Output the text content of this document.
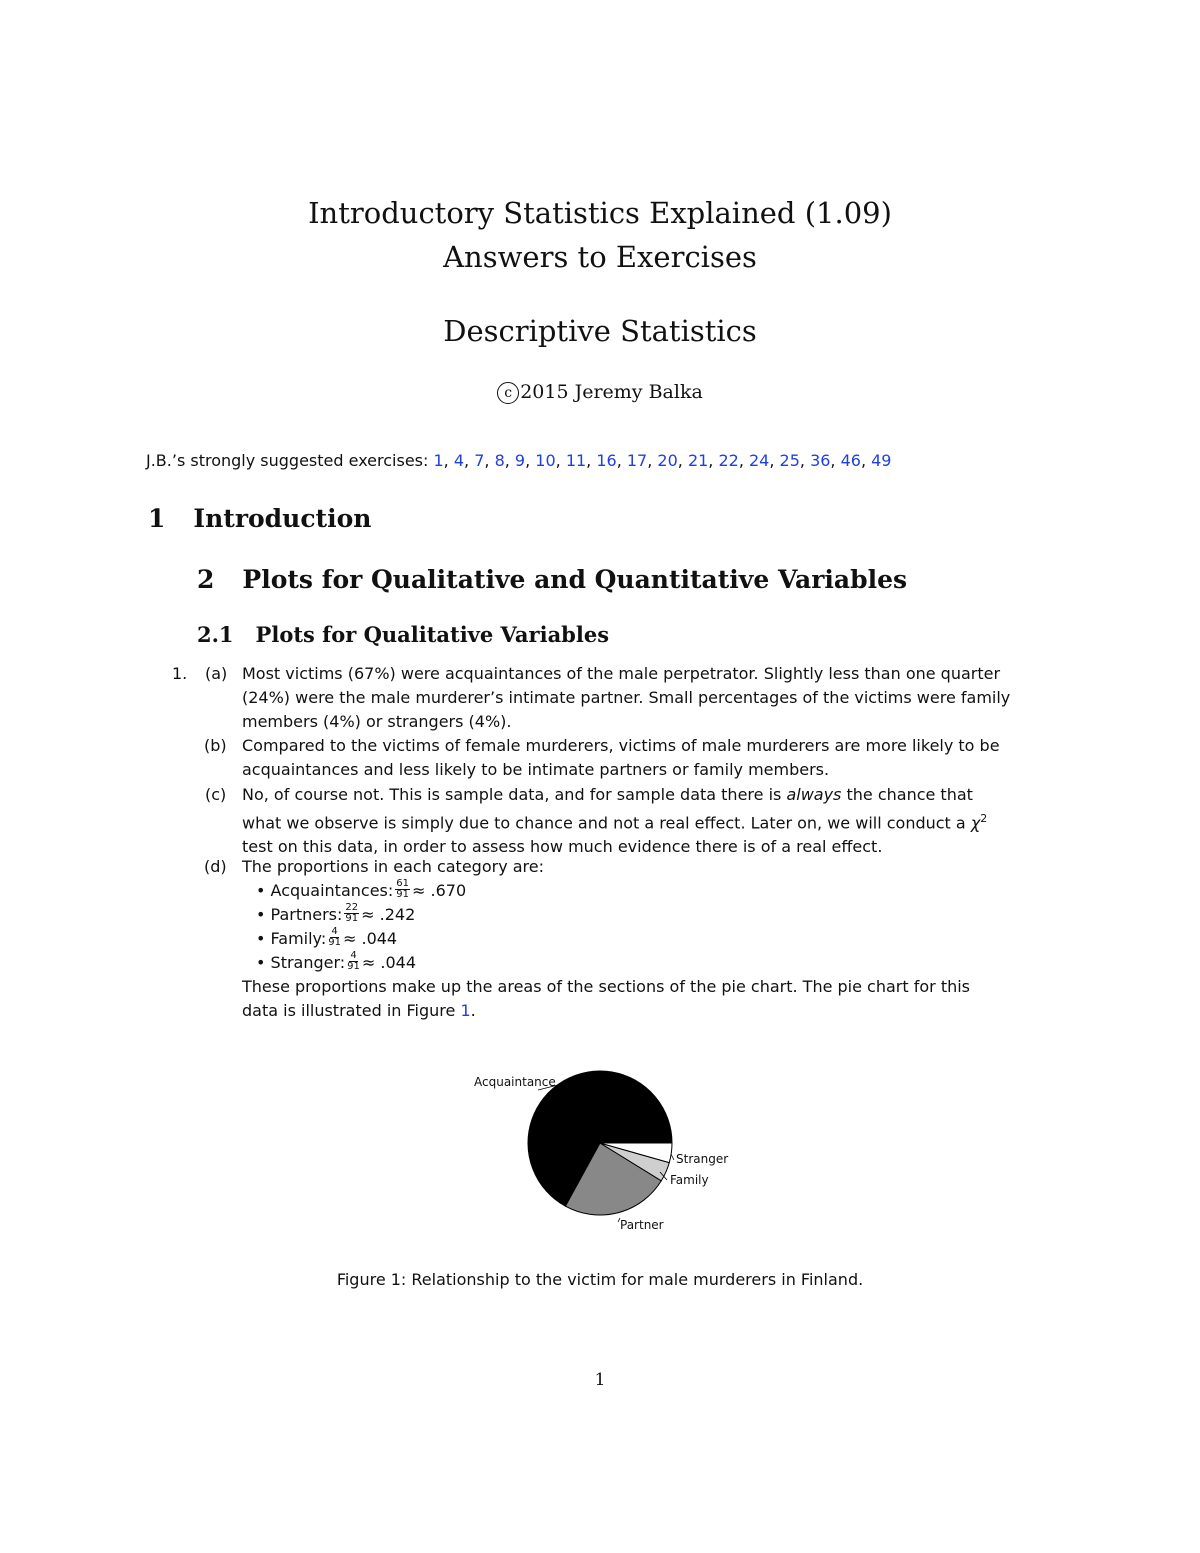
Introductory Statistics Explained (1.09)
Answers to Exercises
Descriptive Statistics
c 2015 Jeremy Balka
J.B.’s strongly suggested exercises: 1, 4, 7, 8, 9, 10, 11, 16, 17, 20, 21, 22, 24, 25, 36, 46, 49
1 Introduction
2 Plots for Qualitative and Quantitative Variables
2.1 Plots for Qualitative Variables
1. (a) Most victims (67%) were acquaintances of the male perpetrator. Slightly less than one quarter
(24%) were the male murderer’s intimate partner. Small percentages of the victims were family
members (4%) or strangers (4%).
(b) Compared to the victims of female murderers, victims of male murderers are more likely to be
acquaintances and less likely to be intimate partners or family members.
(c) No, of course not. This is sample data, and for sample data there is always the chance that
what we observe is simply due to chance and not a real effect. Later on, we will conduct a $\chi^2$
test on this data, in order to assess how much evidence there is of a real effect.
(d) The proportions in each category are:
• Acquaintances: $\frac{61}{91} \approx .670$
• Partners: $\frac{22}{91} \approx .242$
• Family: $\frac{4}{91} \approx .044$
• Stranger: $\frac{4}{91} \approx .044$
These proportions make up the areas of the sections of the pie chart. The pie chart for this
data is illustrated in Figure 1.
Acquaintance
Partner
Family
Stranger
Figure 1: Relationship to the victim for male murderers in Finland.
1
